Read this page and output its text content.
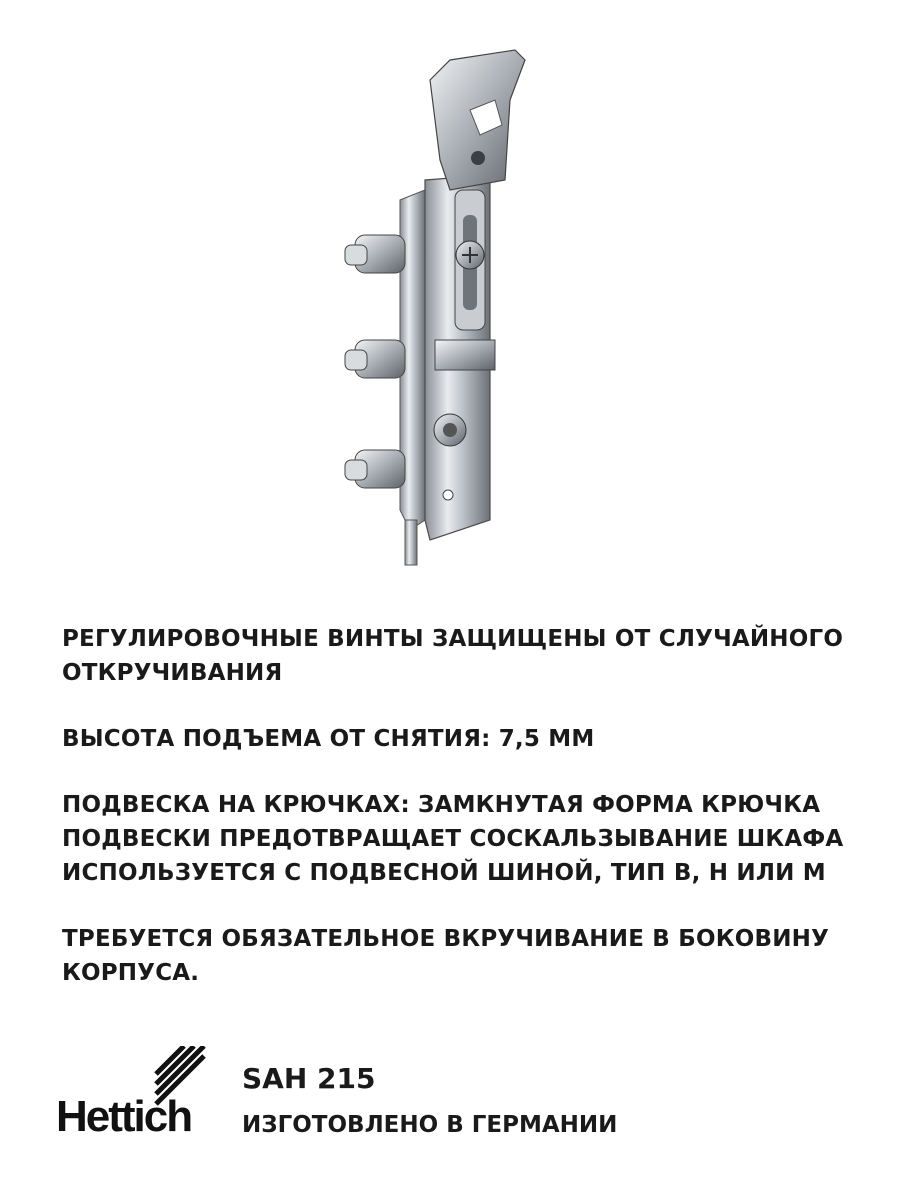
РЕГУЛИРОВОЧНЫЕ ВИНТЫ ЗАЩИЩЕНЫ ОТ СЛУЧАЙНОГО
ОТКРУЧИВАНИЯ

ВЫСОТА ПОДЪЕМА ОТ СНЯТИЯ: 7,5 ММ

ПОДВЕСКА НА КРЮЧКАХ: ЗАМКНУТАЯ ФОРМА КРЮЧКА
ПОДВЕСКИ ПРЕДОТВРАЩАЕТ СОСКАЛЬЗЫВАНИЕ ШКАФА
ИСПОЛЬЗУЕТСЯ С ПОДВЕСНОЙ ШИНОЙ, ТИП B, H ИЛИ M

ТРЕБУЕТСЯ ОБЯЗАТЕЛЬНОЕ ВКРУЧИВАНИЕ В БОКОВИНУ
КОРПУСА.

Hettich
SAH 215
ИЗГОТОВЛЕНО В ГЕРМАНИИ
